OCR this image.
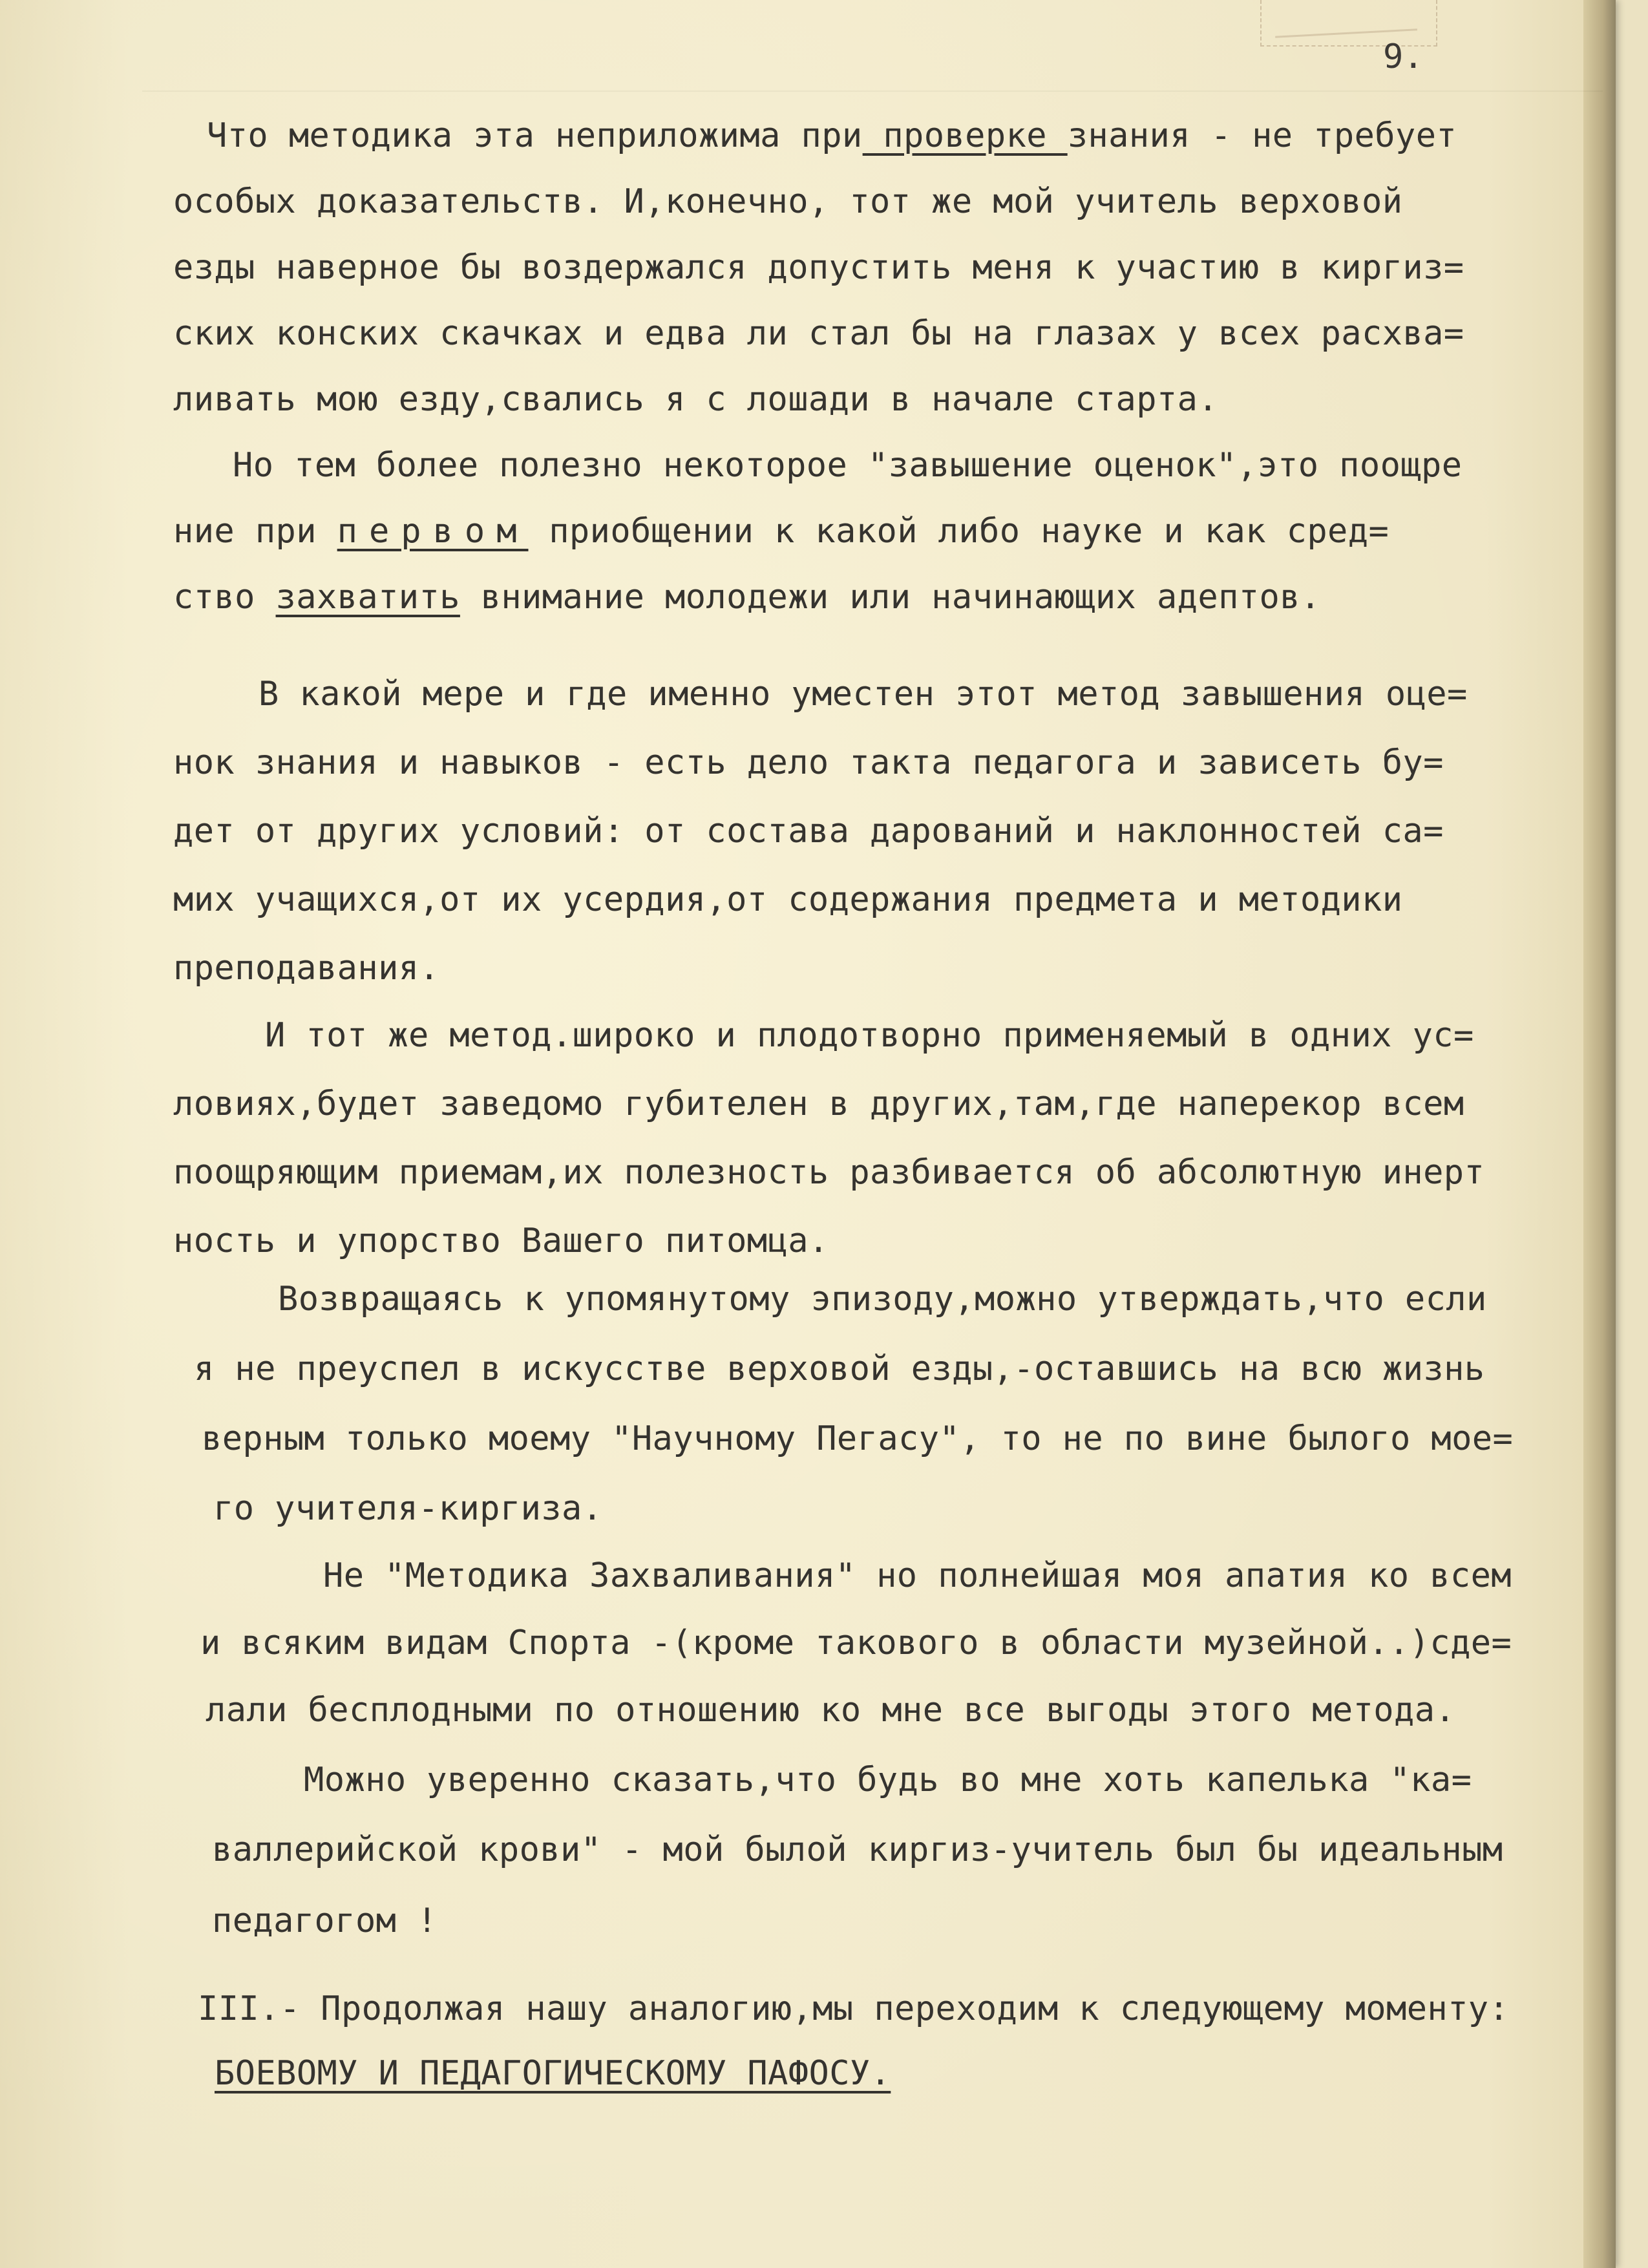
9.
Что методика эта неприложима при проверке знания - не требует
особых доказательств. И,конечно, тот же мой учитель верховой
езды наверное бы воздержался допустить меня к участию в киргиз=
ских конских скачках и едва ли стал бы на глазах у всех расхва=
ливать мою езду,свались я с лошади в начале старта.
Но тем более полезно некоторое "завышение оценок",это поощре
ние при первом приобщении к какой либо науке и как сред=
ство захватить внимание молодежи или начинающих адептов.
В какой мере и где именно уместен этот метод завышения оце=
нок знания и навыков - есть дело такта педагога и зависеть бу=
дет от других условий: от состава дарований и наклонностей са=
мих учащихся,от их усердия,от содержания предмета и методики
преподавания.
И тот же метод.широко и плодотворно применяемый в одних ус=
ловиях,будет заведомо губителен в других,там,где наперекор всем
поощряющим приемам,их полезность разбивается об абсолютную инерт
ность и упорство Вашего питомца.
Возвращаясь к упомянутому эпизоду,можно утверждать,что если
я не преуспел в искусстве верховой езды,-оставшись на всю жизнь
верным только моему "Научному Пегасу", то не по вине былого мое=
го учителя-киргиза.
Не "Методика Захваливания" но полнейшая моя апатия ко всем
и всяким видам Спорта -(кроме такового в области музейной..)сде=
лали бесплодными по отношению ко мне все выгоды этого метода.
Можно уверенно сказать,что будь во мне хоть капелька "ка=
валлерийской крови" - мой былой киргиз-учитель был бы идеальным
педагогом !
III.- Продолжая нашу аналогию,мы переходим к следующему моменту:
БОЕВОМУ И ПЕДАГОГИЧЕСКОМУ ПАФОСУ.
